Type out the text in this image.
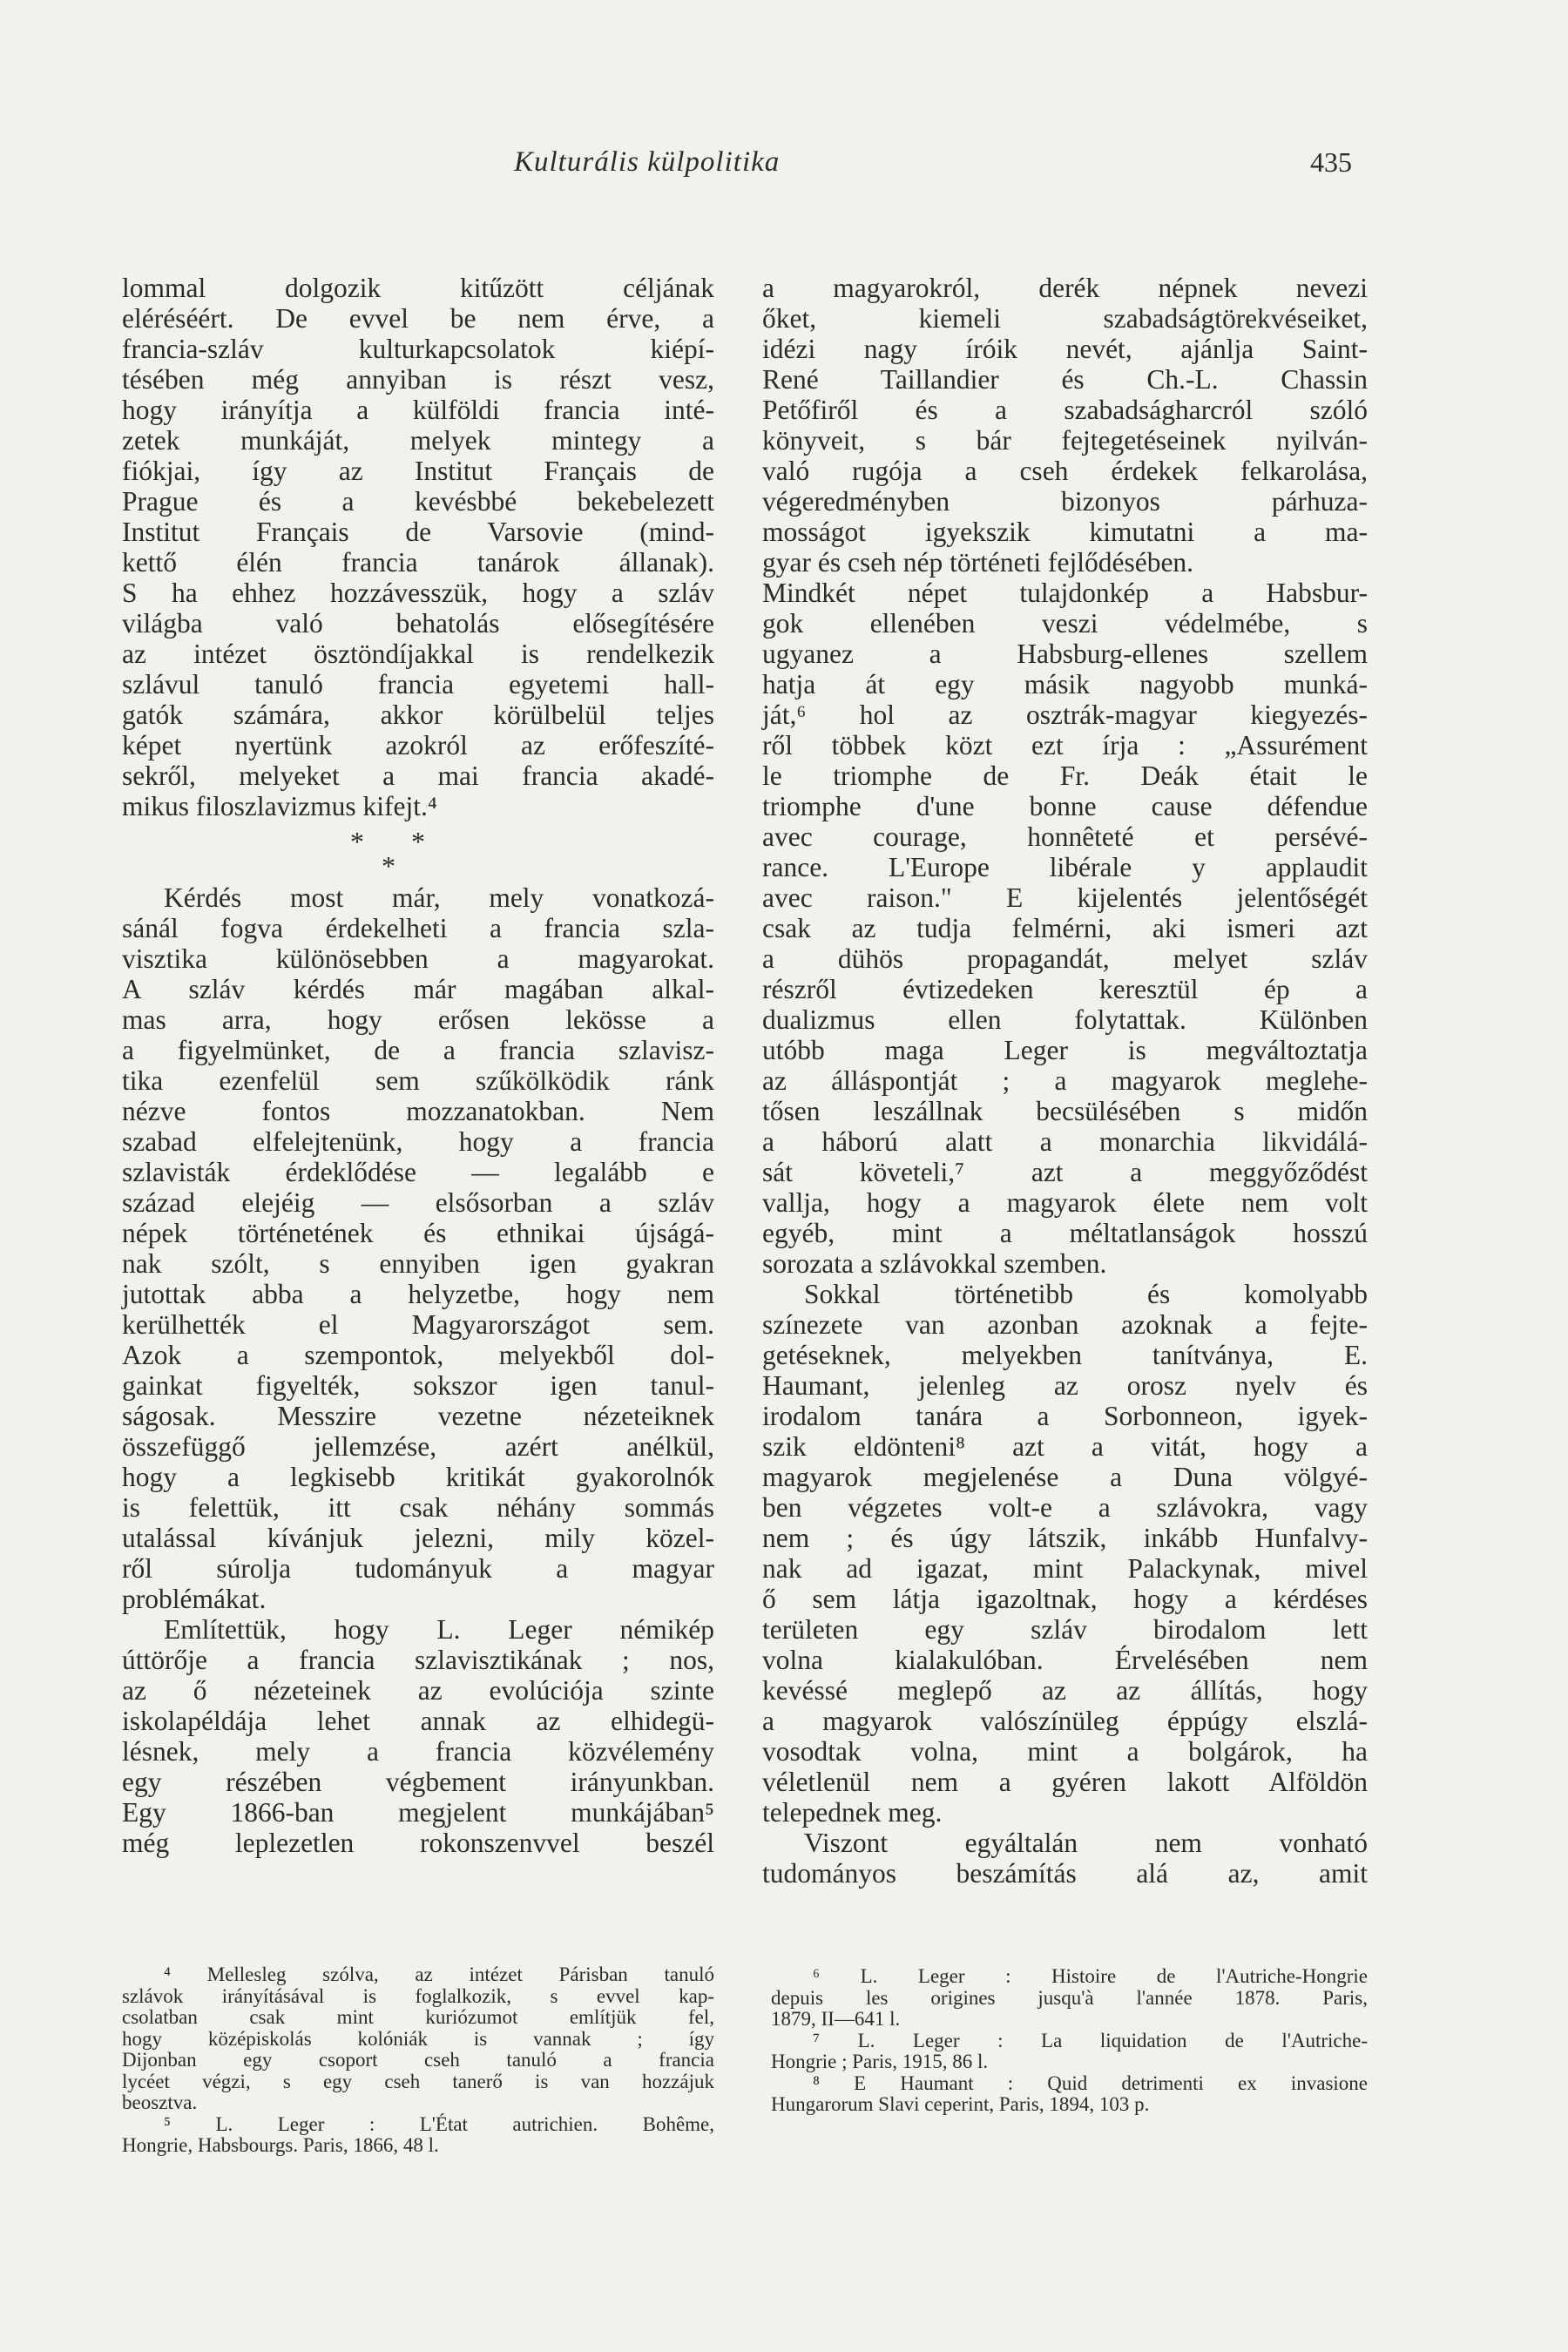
Kulturális külpolitika	435
lommal dolgozik kitűzött céljának
eléréséért. De evvel be nem érve, a
francia-szláv kulturkapcsolatok kiépí-
tésében még annyiban is részt vesz,
hogy irányítja a külföldi francia inté-
zetek munkáját, melyek mintegy a
fiókjai, így az Institut Français de
Prague és a kevésbbé bekebelezett
Institut Français de Varsovie (mind-
kettő élén francia tanárok állanak).
S ha ehhez hozzávesszük, hogy a szláv
világba való behatolás elősegítésére
az intézet ösztöndíjakkal is rendelkezik
szlávul tanuló francia egyetemi hall-
gatók számára, akkor körülbelül teljes
képet nyertünk azokról az erőfeszíté-
sekről, melyeket a mai francia akadé-
mikus filoszlavizmus kifejt.⁴
*
*
*
Kérdés most már, mely vonatkozá-
sánál fogva érdekelheti a francia szla-
visztika különösebben a magyarokat.
A szláv kérdés már magában alkal-
mas arra, hogy erősen lekösse a
a figyelmünket, de a francia szlavisz-
tika ezenfelül sem szűkölködik ránk
nézve fontos mozzanatokban. Nem
szabad elfelejtenünk, hogy a francia
szlavisták érdeklődése — legalább e
század elejéig — elsősorban a szláv
népek történetének és ethnikai újságá-
nak szólt, s ennyiben igen gyakran
jutottak abba a helyzetbe, hogy nem
kerülhették el Magyarországot sem.
Azok a szempontok, melyekből dol-
gainkat figyelték, sokszor igen tanul-
ságosak. Messzire vezetne nézeteiknek
összefüggő jellemzése, azért anélkül,
hogy a legkisebb kritikát gyakorolnók
is felettük, itt csak néhány sommás
utalással kívánjuk jelezni, mily közel-
ről súrolja tudományuk a magyar
problémákat.
Említettük, hogy L. Leger némikép
úttörője a francia szlavisztikának ; nos,
az ő nézeteinek az evolúciója szinte
iskolapéldája lehet annak az elhidegü-
lésnek, mely a francia közvélemény
egy részében végbement irányunkban.
Egy 1866-ban megjelent munkájában⁵
még leplezetlen rokonszenvvel beszél
a magyarokról, derék népnek nevezi
őket, kiemeli szabadságtörekvéseiket,
idézi nagy íróik nevét, ajánlja Saint-
René Taillandier és Ch.-L. Chassin
Petőfiről és a szabadságharcról szóló
könyveit, s bár fejtegetéseinek nyilván-
való rugója a cseh érdekek felkarolása,
végeredményben bizonyos párhuza-
mosságot igyekszik kimutatni a ma-
gyar és cseh nép történeti fejlődésében.
Mindkét népet tulajdonkép a Habsbur-
gok ellenében veszi védelmébe, s
ugyanez a Habsburg-ellenes szellem
hatja át egy másik nagyobb munká-
ját,⁶ hol az osztrák-magyar kiegyezés-
ről többek közt ezt írja : „Assurément
le triomphe de Fr. Deák était le
triomphe d'une bonne cause défendue
avec courage, honnêteté et persévé-
rance. L'Europe libérale y applaudit
avec raison." E kijelentés jelentőségét
csak az tudja felmérni, aki ismeri azt
a dühös propagandát, melyet szláv
részről évtizedeken keresztül ép a
dualizmus ellen folytattak. Különben
utóbb maga Leger is megváltoztatja
az álláspontját ; a magyarok meglehe-
tősen leszállnak becsülésében s midőn
a háború alatt a monarchia likvidálá-
sát követeli,⁷ azt a meggyőződést
vallja, hogy a magyarok élete nem volt
egyéb, mint a méltatlanságok hosszú
sorozata a szlávokkal szemben.
Sokkal történetibb és komolyabb
színezete van azonban azoknak a fejte-
getéseknek, melyekben tanítványa, E.
Haumant, jelenleg az orosz nyelv és
irodalom tanára a Sorbonneon, igyek-
szik eldönteni⁸ azt a vitát, hogy a
magyarok megjelenése a Duna völgyé-
ben végzetes volt-e a szlávokra, vagy
nem ; és úgy látszik, inkább Hunfalvy-
nak ad igazat, mint Palackynak, mivel
ő sem látja igazoltnak, hogy a kérdéses
területen egy szláv birodalom lett
volna kialakulóban. Érvelésében nem
kevéssé meglepő az az állítás, hogy
a magyarok valószínüleg éppúgy elszlá-
vosodtak volna, mint a bolgárok, ha
véletlenül nem a gyéren lakott Alföldön
telepednek meg.
Viszont egyáltalán nem vonható
tudományos beszámítás alá az, amit
⁴ Mellesleg szólva, az intézet Párisban tanuló
szlávok irányításával is foglalkozik, s evvel kap-
csolatban csak mint kuriózumot említjük fel,
hogy középiskolás kolóniák is vannak ; így
Dijonban egy csoport cseh tanuló a francia
lycéet végzi, s egy cseh tanerő is van hozzájuk
beosztva.
⁵ L. Leger : L'État autrichien. Bohême,
Hongrie, Habsbourgs. Paris, 1866, 48 l.
⁶ L. Leger : Histoire de l'Autriche-Hongrie
depuis les origines jusqu'à l'année 1878. Paris,
1879, II—641 l.
⁷ L. Leger : La liquidation de l'Autriche-
Hongrie ; Paris, 1915, 86 l.
⁸ E Haumant : Quid detrimenti ex invasione
Hungarorum Slavi ceperint, Paris, 1894, 103 p.
